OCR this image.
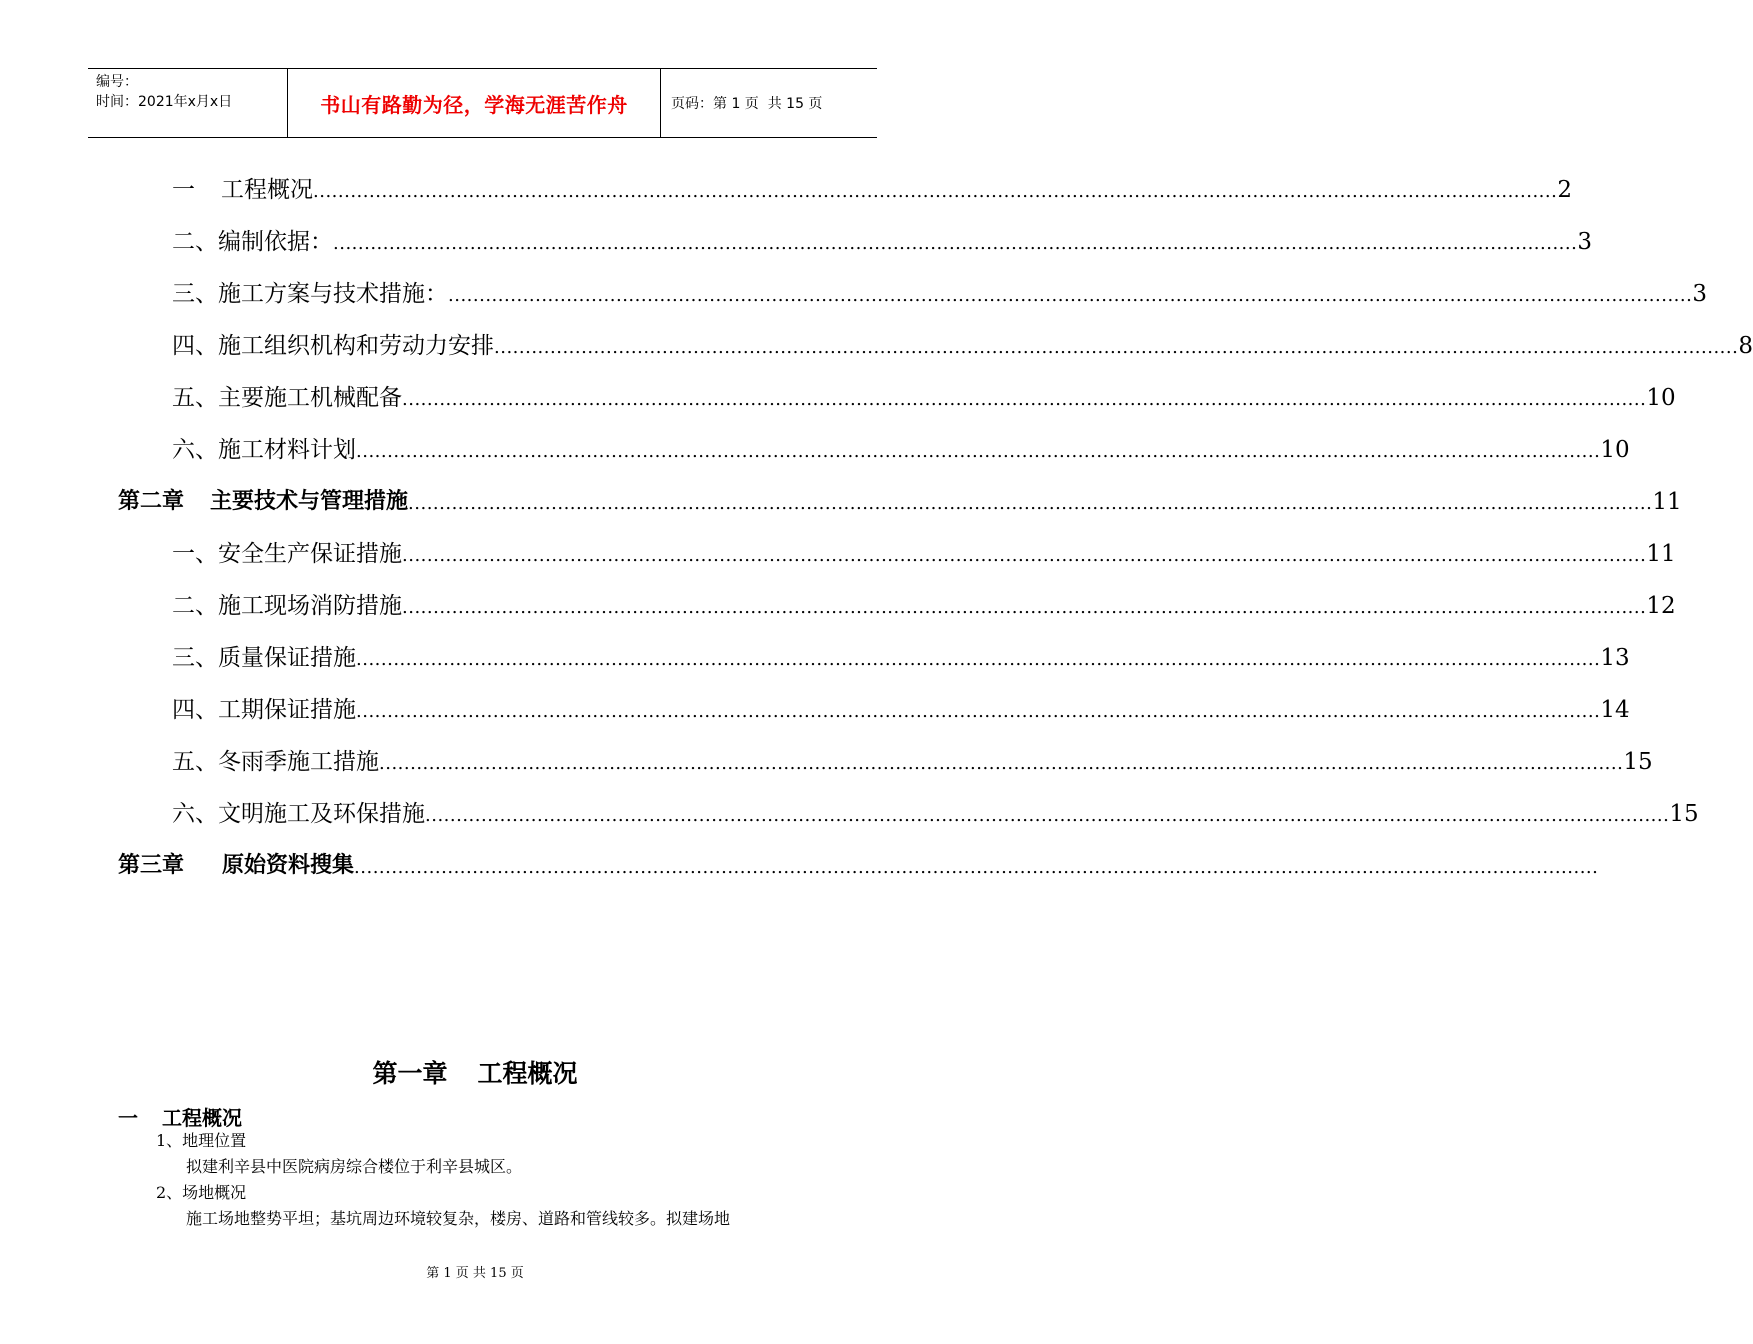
编号：
时间：2021年x月x日	书山有路勤为径，学海无涯苦作舟	页码：第 1 页  共 15 页
一 工程概况 ........................................................................................................................................................................................................ 2
二、编制依据： ........................................................................................................................................................................................................ 3
三、施工方案与技术措施： ........................................................................................................................................................................................................ 3
四、施工组织机构和劳动力安排 ........................................................................................................................................................................................................ 8
五、主要施工机械配备 ........................................................................................................................................................................................................ 10
六、施工材料计划 ........................................................................................................................................................................................................ 10
第二章 主要技术与管理措施 ........................................................................................................................................................................................................ 11
一、安全生产保证措施 ........................................................................................................................................................................................................ 11
二、施工现场消防措施 ........................................................................................................................................................................................................ 12
三、质量保证措施 ........................................................................................................................................................................................................ 13
四、工期保证措施 ........................................................................................................................................................................................................ 14
五、冬雨季施工措施 ........................................................................................................................................................................................................ 15
六、文明施工及环保措施 ........................................................................................................................................................................................................ 15
第三章 原始资料搜集 ........................................................................................................................................................................................................
第一章 工程概况
一 工程概况
1、地理位置
拟建利辛县中医院病房综合楼位于利辛县城区。
2、场地概况
施工场地整势平坦；基坑周边环境较复杂，楼房、道路和管线较多。拟建场地
第 1 页 共 15 页
